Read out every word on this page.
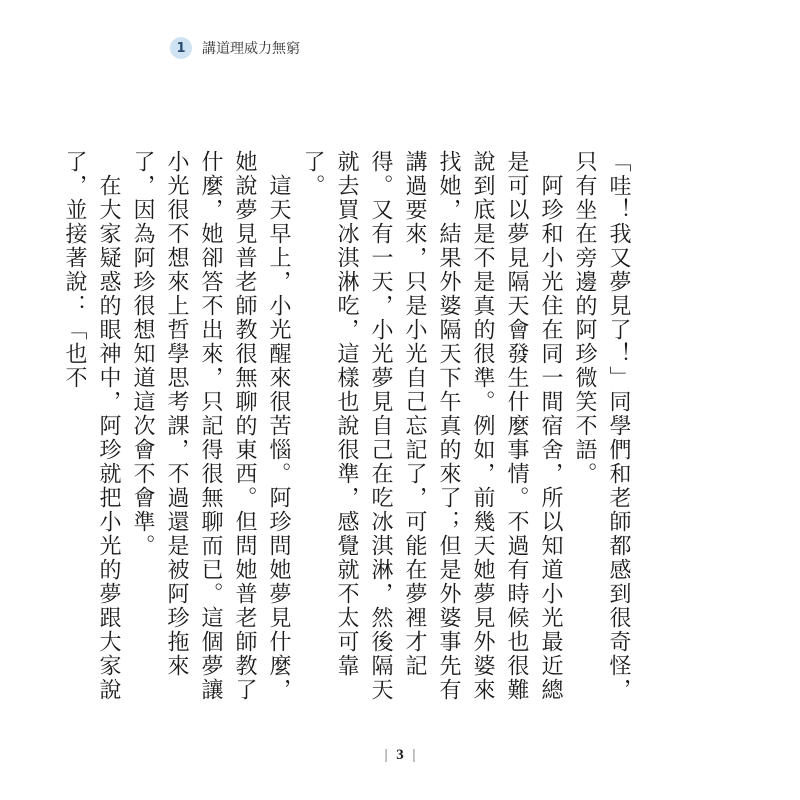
1	講道理威力無窮

「哇！我又夢見了！」同學們和老師都感到很奇怪，只有坐在旁邊的阿珍微笑不語。

　阿珍和小光住在同一間宿舍，所以知道小光最近總是可以夢見隔天會發生什麼事情。不過有時候也很難說到底是不是真的很準。例如，前幾天她夢見外婆來找她，結果外婆隔天下午真的來了；但是外婆事先有講過要來，只是小光自己忘記了，可能在夢裡才記得。又有一天，小光夢見自己在吃冰淇淋，然後隔天就去買冰淇淋吃，這樣也說很準，感覺就不太可靠了。

　這天早上，小光醒來很苦惱。阿珍問她夢見什麼，她說夢見普老師教很無聊的東西。但問她普老師教了什麼，她卻答不出來，只記得很無聊而已。這個夢讓小光很不想來上哲學思考課，不過還是被阿珍拖來了，因為阿珍很想知道這次會不會準。

　在大家疑惑的眼神中，阿珍就把小光的夢跟大家說了，並接著說：「也不

| 3 |
